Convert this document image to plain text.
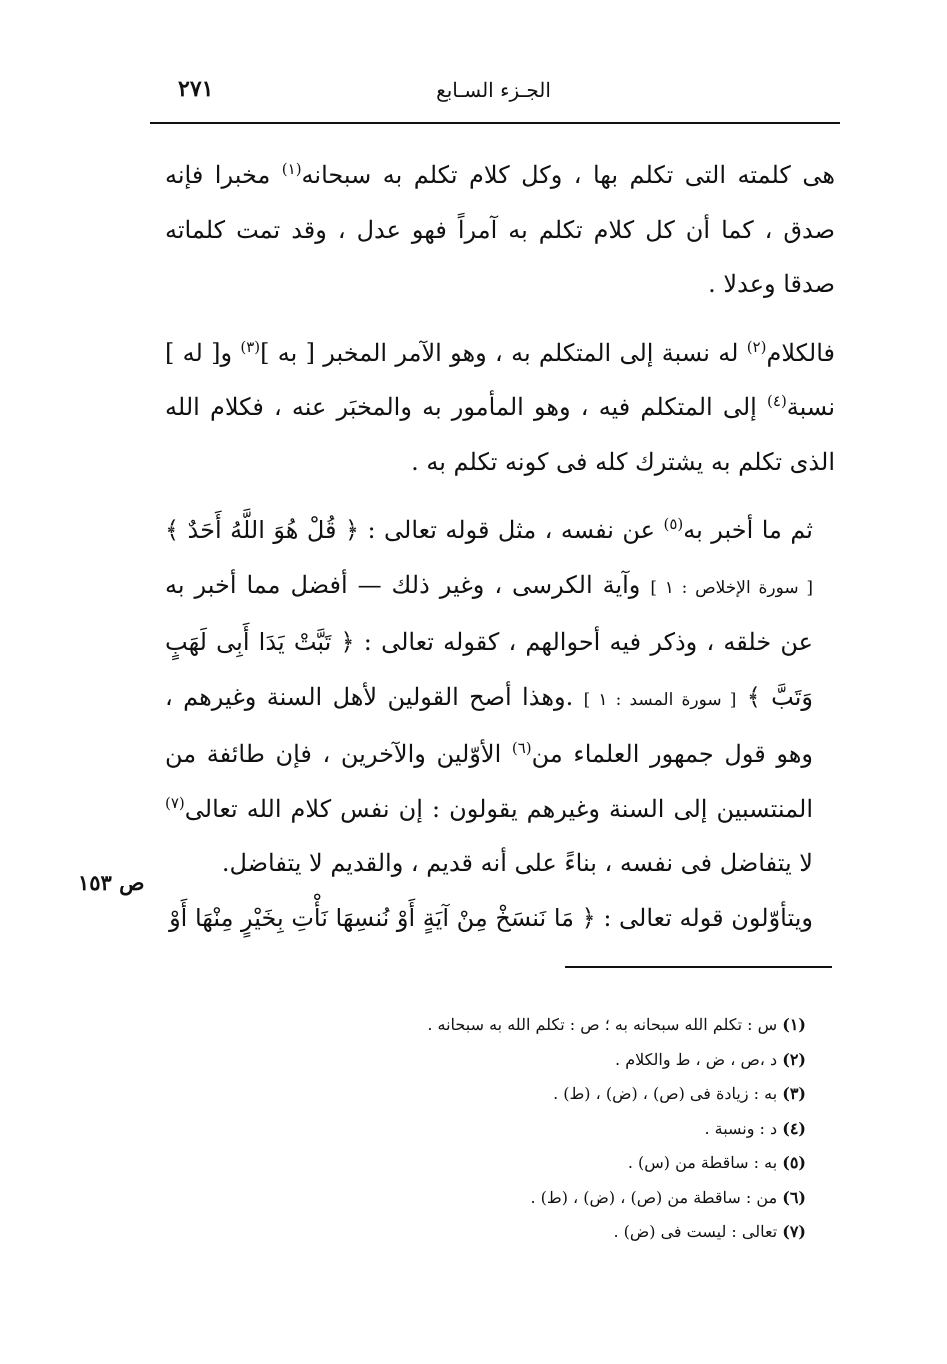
٢٧١	الجـزء السـابع

هى كلمته التى تكلم بها ، وكل كلام تكلم به سبحانه$^{(١)}$ مخبرا فإنه صدق ، كما أن كل كلام تكلم به آمراً فهو عدل ، وقد تمت كلماته صدقا وعدلا .

فالكلام$^{(٢)}$ له نسبة إلى المتكلم به ، وهو الآمر المخبر [ به ]$^{(٣)}$ و[ له ] نسبة$^{(٤)}$ إلى المتكلم فيه ، وهو المأمور به والمخبَر عنه ، فكلام الله الذى تكلم به يشترك كله فى كونه تكلم به .

ثم ما أخبر به$^{(٥)}$ عن نفسه ، مثل قوله تعالى : ﴿ قُلْ هُوَ اللَّهُ أَحَدٌ ﴾ [ سورة الإخلاص : ١ ] وآية الكرسى ، وغير ذلك — أفضل مما أخبر به عن خلقه ، وذكر فيه أحوالهم ، كقوله تعالى : ﴿ تَبَّتْ يَدَا أَبِى لَهَبٍ وَتَبَّ ﴾ [ سورة المسد : ١ ] .وهذا أصح القولين لأهل السنة وغيرهم ، وهو قول جمهور العلماء من$^{(٦)}$ الأوّلين والآخرين ، فإن طائفة من المنتسبين إلى السنة وغيرهم يقولون : إن نفس كلام الله تعالى$^{(٧)}$ لا يتفاضل فى نفسه ، بناءً على أنه قديم ، والقديم لا يتفاضل.

ويتأوّلون قوله تعالى : ﴿ مَا نَنسَخْ مِنْ آيَةٍ أَوْ نُنسِهَا نَأْتِ بِخَيْرٍ مِنْهَا أَوْ

ص ١٥٣
(١) س : تكلم الله سبحانه به ؛ ص : تكلم الله به سبحانه .
(٢) د ،ص ، ض ، ط والكلام .
(٣) به : زيادة فى (ص) ، (ض) ، (ط) .
(٤) د : ونسبة .
(٥) به : ساقطة من (س) .
(٦) من : ساقطة من (ص) ، (ض) ، (ط) .
(٧) تعالى : ليست فى (ض) .
